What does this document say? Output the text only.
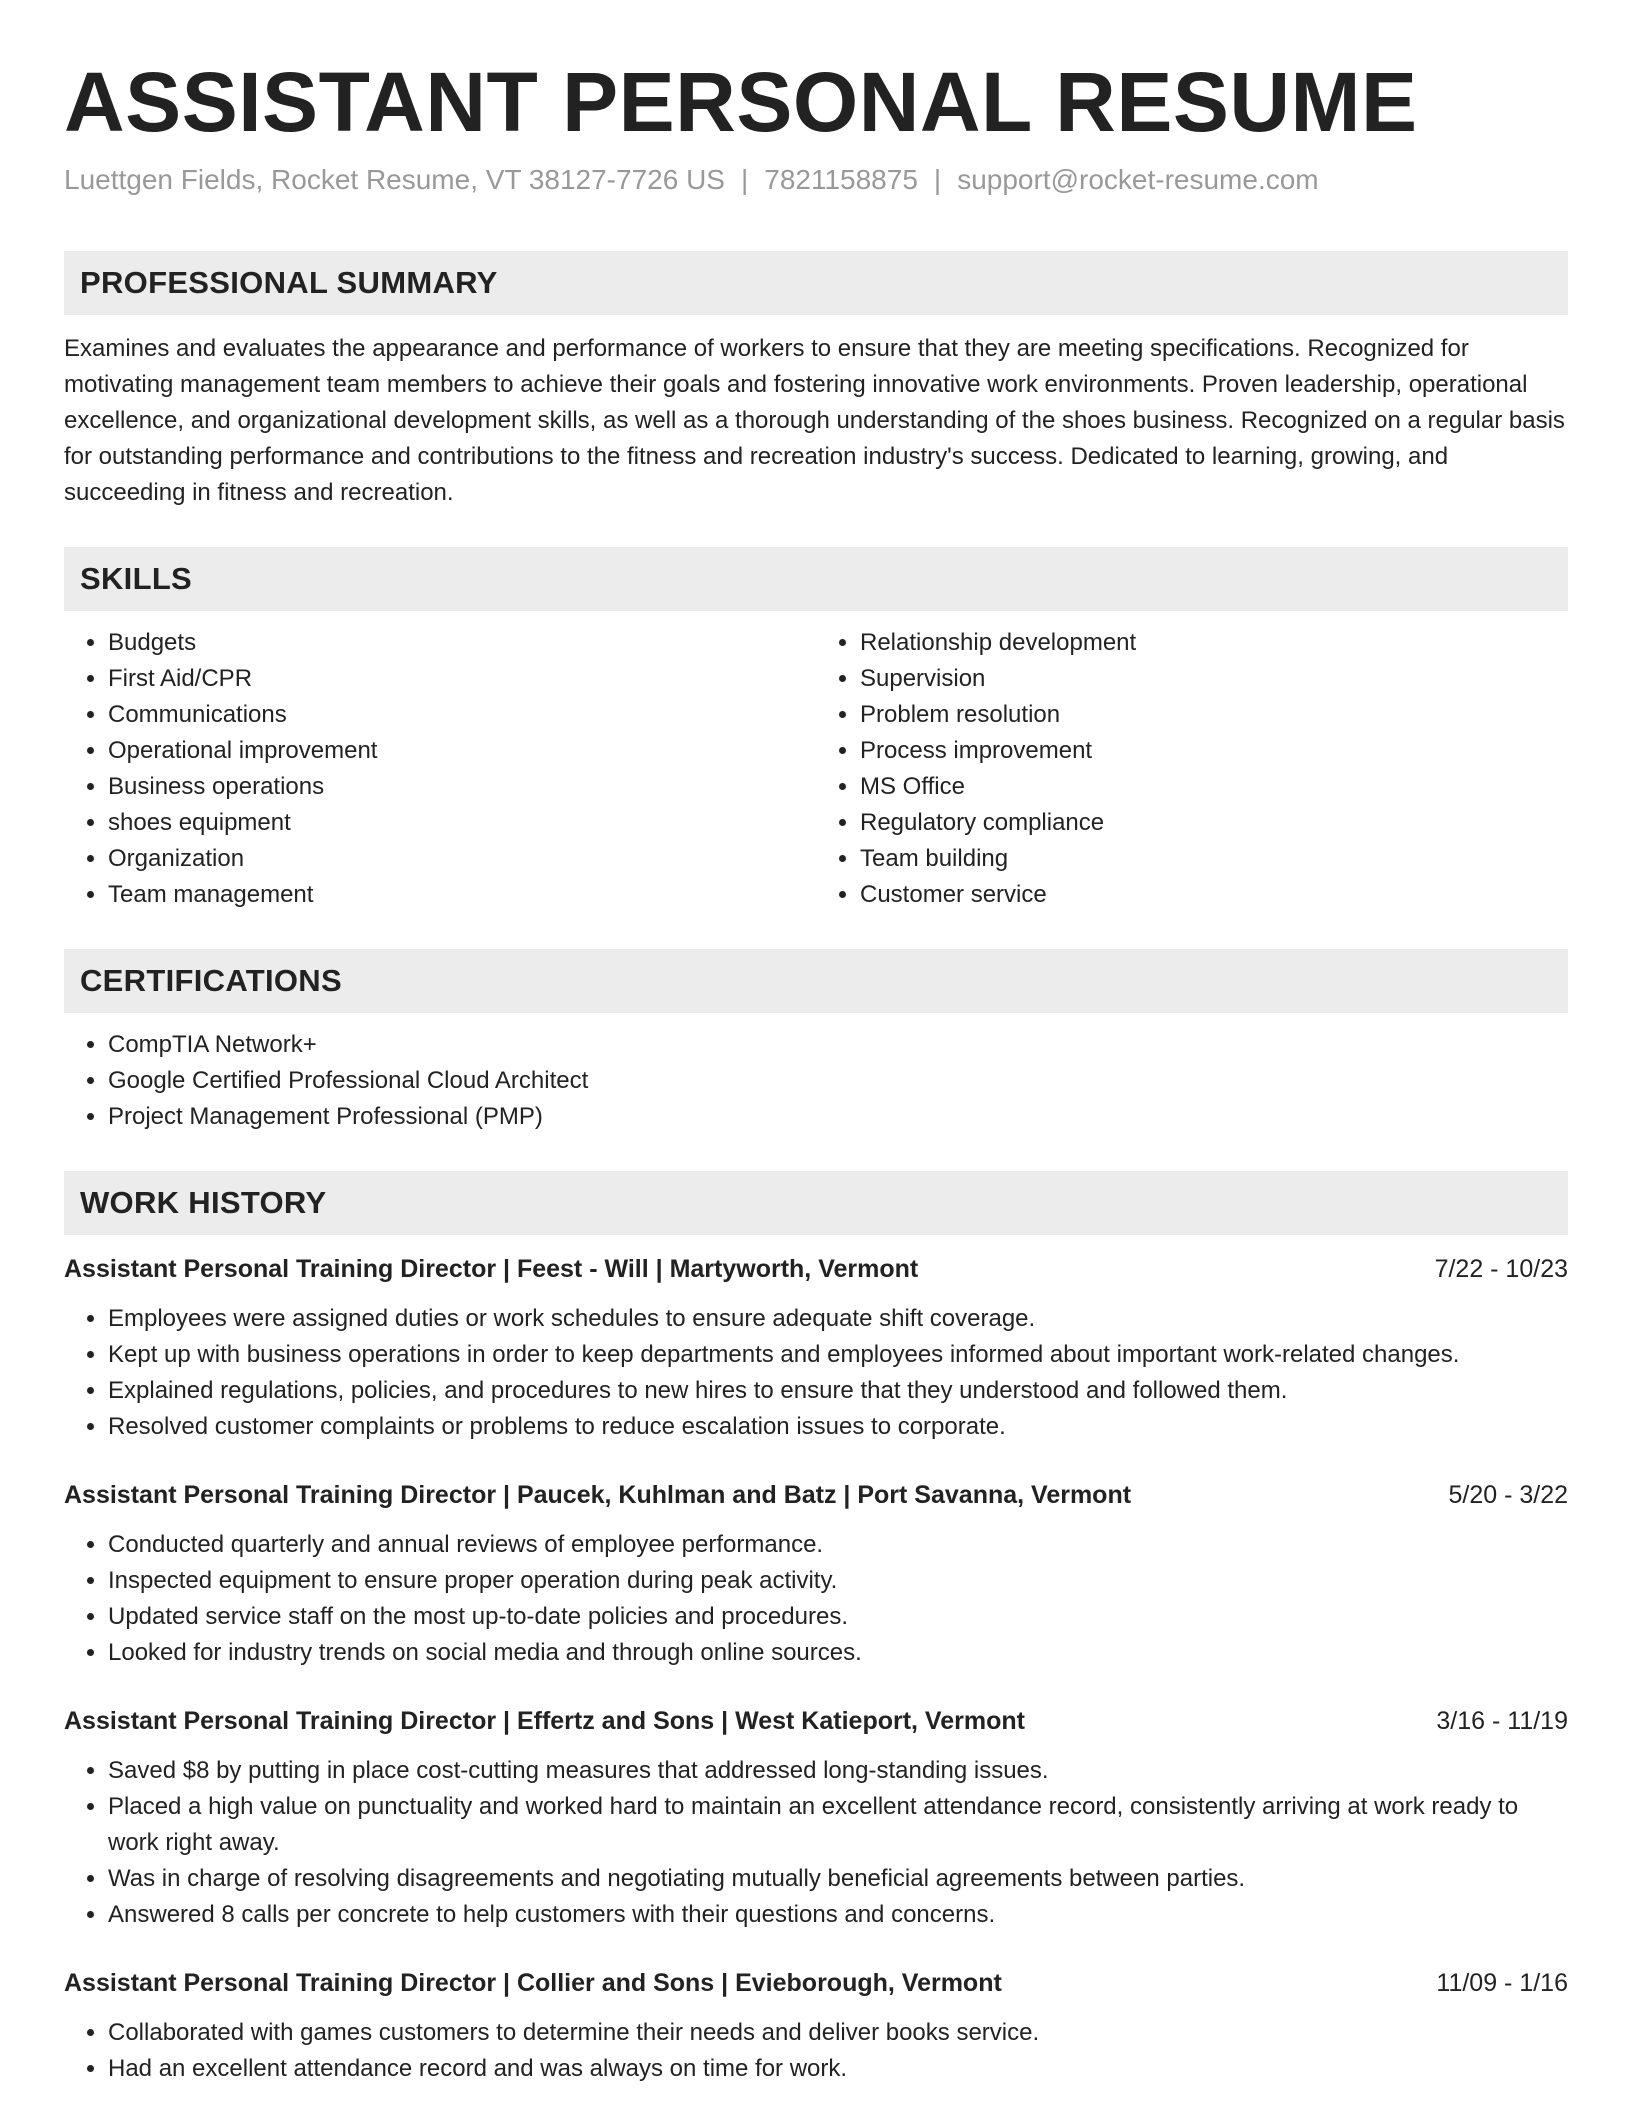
ASSISTANT PERSONAL RESUME
Luettgen Fields, Rocket Resume, VT 38127-7726 US | 7821158875 | support@rocket-resume.com
PROFESSIONAL SUMMARY
Examines and evaluates the appearance and performance of workers to ensure that they are meeting specifications. Recognized for motivating management team members to achieve their goals and fostering innovative work environments. Proven leadership, operational excellence, and organizational development skills, as well as a thorough understanding of the shoes business. Recognized on a regular basis for outstanding performance and contributions to the fitness and recreation industry's success. Dedicated to learning, growing, and succeeding in fitness and recreation.
SKILLS
• Budgets
• First Aid/CPR
• Communications
• Operational improvement
• Business operations
• shoes equipment
• Organization
• Team management
• Relationship development
• Supervision
• Problem resolution
• Process improvement
• MS Office
• Regulatory compliance
• Team building
• Customer service
CERTIFICATIONS
• CompTIA Network+
• Google Certified Professional Cloud Architect
• Project Management Professional (PMP)
WORK HISTORY
Assistant Personal Training Director | Feest - Will | Martyworth, Vermont	7/22 - 10/23
• Employees were assigned duties or work schedules to ensure adequate shift coverage.
• Kept up with business operations in order to keep departments and employees informed about important work-related changes.
• Explained regulations, policies, and procedures to new hires to ensure that they understood and followed them.
• Resolved customer complaints or problems to reduce escalation issues to corporate.
Assistant Personal Training Director | Paucek, Kuhlman and Batz | Port Savanna, Vermont	5/20 - 3/22
• Conducted quarterly and annual reviews of employee performance.
• Inspected equipment to ensure proper operation during peak activity.
• Updated service staff on the most up-to-date policies and procedures.
• Looked for industry trends on social media and through online sources.
Assistant Personal Training Director | Effertz and Sons | West Katieport, Vermont	3/16 - 11/19
• Saved $8 by putting in place cost-cutting measures that addressed long-standing issues.
• Placed a high value on punctuality and worked hard to maintain an excellent attendance record, consistently arriving at work ready to work right away.
• Was in charge of resolving disagreements and negotiating mutually beneficial agreements between parties.
• Answered 8 calls per concrete to help customers with their questions and concerns.
Assistant Personal Training Director | Collier and Sons | Evieborough, Vermont	11/09 - 1/16
• Collaborated with games customers to determine their needs and deliver books service.
• Had an excellent attendance record and was always on time for work.
